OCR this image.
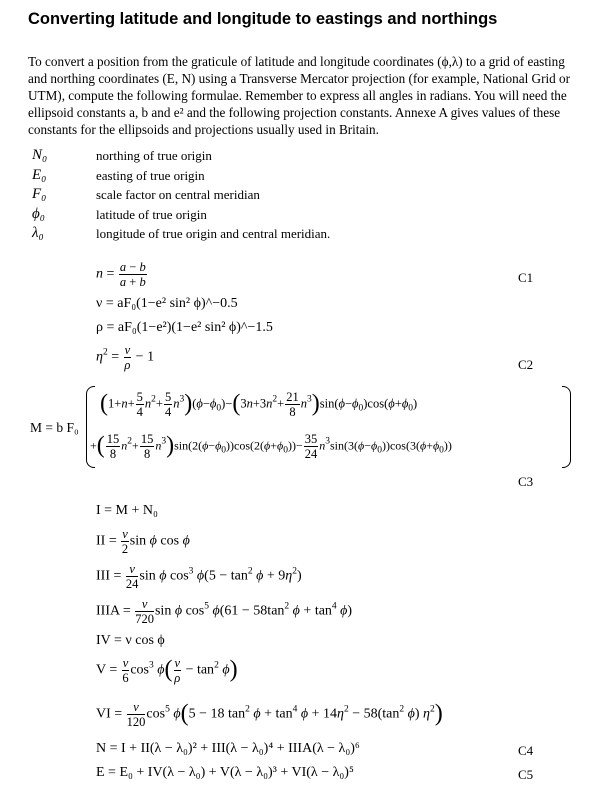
Converting latitude and longitude to eastings and northings
To convert a position from the graticule of latitude and longitude coordinates (ϕ,λ) to a grid of easting and northing coordinates (E, N) using a Transverse Mercator projection (for example, National Grid or UTM), compute the following formulae. Remember to express all angles in radians. You will need the ellipsoid constants a, b and e² and the following projection constants. Annexe A gives values of these constants for the ellipsoids and projections usually used in Britain.
N₀	northing of true origin
E₀	easting of true origin
F₀	scale factor on central meridian
ϕ₀	latitude of true origin
λ₀	longitude of true origin and central meridian.
$n = \frac{a - b}{a + b}$	C1
ν = aF₀(1−e² sin² ϕ)^−0.5
ρ = aF₀(1−e²)(1−e² sin² ϕ)^−1.5
$\eta^2 = \frac{\nu}{\rho} - 1$	C2
M = b F₀
$(1+n+ \frac{5}{4} n^2+ \frac{5}{4} n^3)(\phi-\phi_0)-(3n+3n^2+ \frac{21}{8} n^3)\sin(\phi-\phi_0)\cos(\phi+\phi_0)$
+( $\frac{15}{8} n^2+ \frac{15}{8} n^3)\sin(2(\phi-\phi_0))\cos(2(\phi+\phi_0))- \frac{35}{24} n^3\sin(3(\phi-\phi_0))\cos(3(\phi+\phi_0))$
C3
I = M + N₀
II = $\frac{\nu}{2}$ sin ϕ cos ϕ
III = $\frac{\nu}{24}$ sin ϕ $\cos^3 \phi(5 - \tan^2 \phi + 9\eta^2)$
IIIA = $\frac{\nu}{720}$ sin ϕ $\cos^5 \phi(61 - 58\tan^2$ $\phi + \tan^4 \phi$)
IV = ν cos ϕ
$V = \frac{\nu}{6} \cos^3 \phi( \frac{\nu}{\rho} - \tan^2 \phi)$
VI = $\frac{\nu}{120} \cos^5 \phi(5 - 18$ $\tan^2 \phi + \tan^4 \phi + 14\eta^2 - 58(\tan^2$ ϕ) $\eta^2$)
N = I + II(λ − λ₀)² + III(λ − λ₀)⁴ + IIIA(λ − λ₀)⁶	C4
E = E₀ + IV(λ − λ₀) + V(λ − λ₀)³ + VI(λ − λ₀)⁵	C5
